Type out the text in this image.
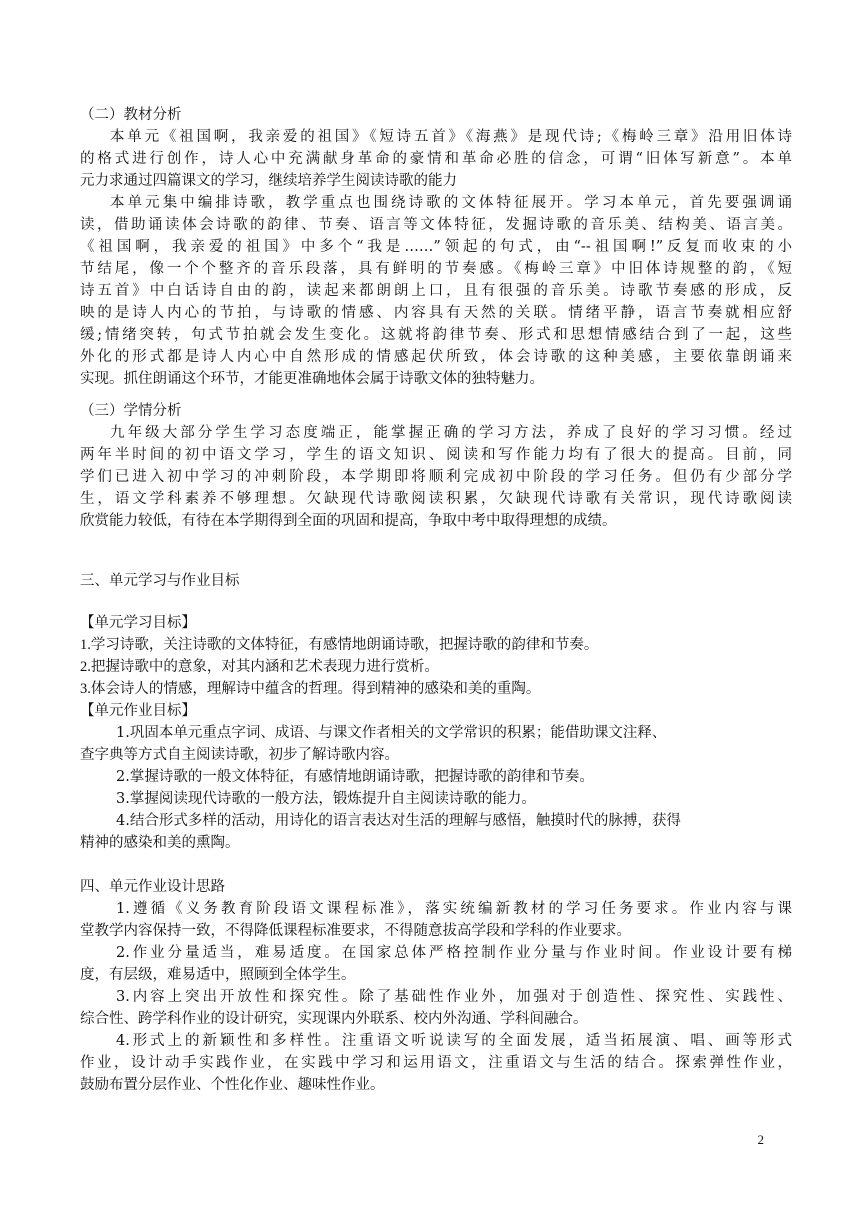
（二）教材分析
本单元《祖国啊，我亲爱的祖国》《短诗五首》《海燕》是现代诗;《梅岭三章》沿用旧体诗
的格式进行创作，诗人心中充满献身革命的豪情和革命必胜的信念，可谓“旧体写新意”。本单
元力求通过四篇课文的学习，继续培养学生阅读诗歌的能力
本单元集中编排诗歌，教学重点也围绕诗歌的文体特征展开。学习本单元，首先要强调诵
读，借助诵读体会诗歌的韵律、节奏、语言等文体特征，发掘诗歌的音乐美、结构美、语言美。
《祖国啊，我亲爱的祖国》中多个“我是……”领起的句式，由“--祖国啊!”反复而收束的小
节结尾，像一个个整齐的音乐段落，具有鲜明的节奏感。《梅岭三章》中旧体诗规整的韵，《短
诗五首》中白话诗自由的韵，读起来都朗朗上口，且有很强的音乐美。诗歌节奏感的形成，反
映的是诗人内心的节拍，与诗歌的情感、内容具有天然的关联。情绪平静，语言节奏就相应舒
缓;情绪突转，句式节拍就会发生变化。这就将韵律节奏、形式和思想情感结合到了一起，这些
外化的形式都是诗人内心中自然形成的情感起伏所致，体会诗歌的这种美感，主要依靠朗诵来
实现。抓住朗诵这个环节，才能更准确地体会属于诗歌文体的独特魅力。
（三）学情分析
九年级大部分学生学习态度端正，能掌握正确的学习方法，养成了良好的学习习惯。经过
两年半时间的初中语文学习，学生的语文知识、阅读和写作能力均有了很大的提高。目前，同
学们已进入初中学习的冲刺阶段，本学期即将顺利完成初中阶段的学习任务。但仍有少部分学
生，语文学科素养不够理想。欠缺现代诗歌阅读积累，欠缺现代诗歌有关常识，现代诗歌阅读
欣赏能力较低，有待在本学期得到全面的巩固和提高，争取中考中取得理想的成绩。
三、单元学习与作业目标
【单元学习目标】
1.学习诗歌，关注诗歌的文体特征，有感情地朗诵诗歌，把握诗歌的韵律和节奏。
2.把握诗歌中的意象，对其内涵和艺术表现力进行赏析。
3.体会诗人的情感，理解诗中蕴含的哲理。得到精神的感染和美的重陶。
【单元作业目标】
1.巩固本单元重点字词、成语、与课文作者相关的文学常识的积累；能借助课文注释、
查字典等方式自主阅读诗歌，初步了解诗歌内容。
2.掌握诗歌的一般文体特征，有感情地朗诵诗歌，把握诗歌的韵律和节奏。
3.掌握阅读现代诗歌的一般方法，锻炼提升自主阅读诗歌的能力。
4.结合形式多样的活动，用诗化的语言表达对生活的理解与感悟，触摸时代的脉搏，获得
精神的感染和美的熏陶。
四、单元作业设计思路
1.遵循《义务教育阶段语文课程标准》，落实统编新教材的学习任务要求。作业内容与课
堂教学内容保持一致，不得降低课程标准要求，不得随意拔高学段和学科的作业要求。
2.作业分量适当，难易适度。在国家总体严格控制作业分量与作业时间。作业设计要有梯
度，有层级，难易适中，照顾到全体学生。
3.内容上突出开放性和探究性。除了基础性作业外，加强对于创造性、探究性、实践性、
综合性、跨学科作业的设计研究，实现课内外联系、校内外沟通、学科间融合。
4.形式上的新颖性和多样性。注重语文听说读写的全面发展，适当拓展演、唱、画等形式
作业，设计动手实践作业，在实践中学习和运用语文，注重语文与生活的结合。探索弹性作业，
鼓励布置分层作业、个性化作业、趣味性作业。
2
